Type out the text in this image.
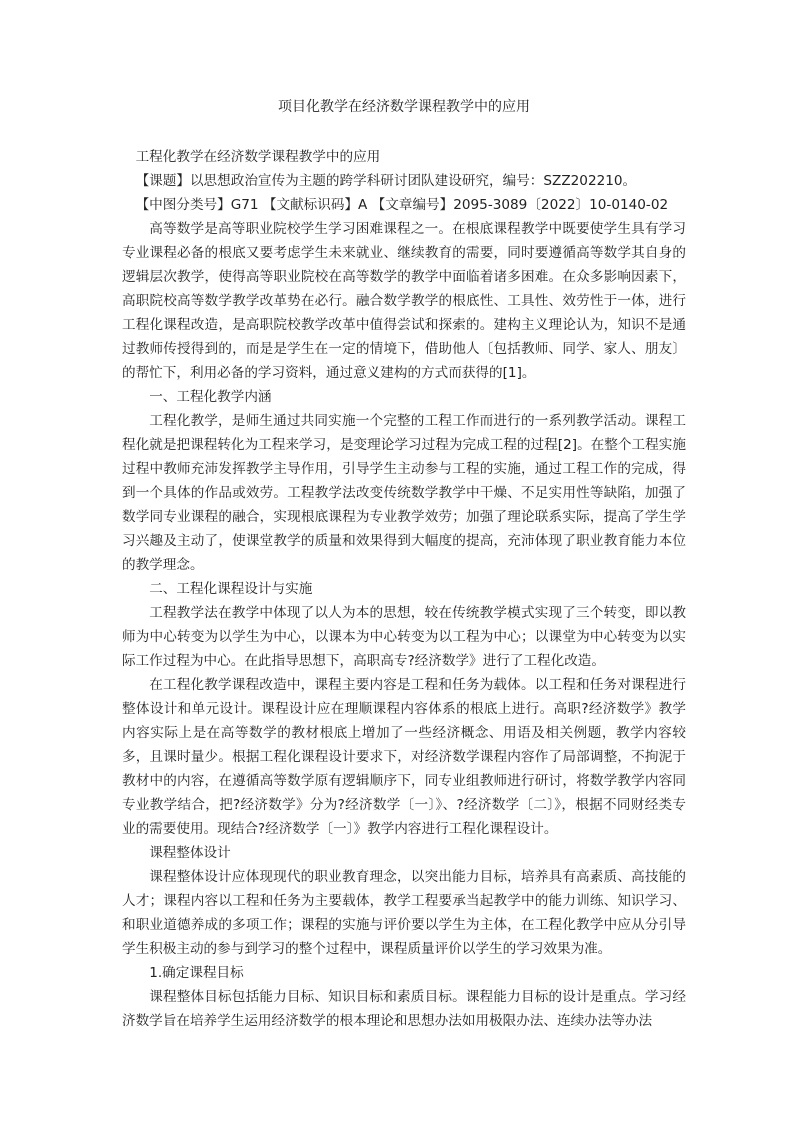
项目化教学在经济数学课程教学中的应用

工程化教学在经济数学课程教学中的应用

【课题】以思想政治宣传为主题的跨学科研讨团队建设研究，编号：SZZ202210。

【中图分类号】G71 【文献标识码】A 【文章编号】2095-3089〔2022〕10-0140-02

高等数学是高等职业院校学生学习困难课程之一。在根底课程教学中既要使学生具有学习专业课程必备的根底又要考虑学生未来就业、继续教育的需要，同时要遵循高等数学其自身的逻辑层次教学，使得高等职业院校在高等数学的教学中面临着诸多困难。在众多影响因素下，高职院校高等数学教学改革势在必行。融合数学教学的根底性、工具性、效劳性于一体，进行工程化课程改造，是高职院校教学改革中值得尝试和探索的。建构主义理论认为，知识不是通过教师传授得到的，而是是学生在一定的情境下，借助他人〔包括教师、同学、家人、朋友〕的帮忙下，利用必备的学习资料，通过意义建构的方式而获得的[1]。

一、工程化教学内涵

工程化教学，是师生通过共同实施一个完整的工程工作而进行的一系列教学活动。课程工程化就是把课程转化为工程来学习，是变理论学习过程为完成工程的过程[2]。在整个工程实施过程中教师充沛发挥教学主导作用，引导学生主动参与工程的实施，通过工程工作的完成，得到一个具体的作品或效劳。工程教学法改变传统数学教学中干燥、不足实用性等缺陷，加强了数学同专业课程的融合，实现根底课程为专业教学效劳；加强了理论联系实际，提高了学生学习兴趣及主动了，使课堂教学的质量和效果得到大幅度的提高，充沛体现了职业教育能力本位的教学理念。

二、工程化课程设计与实施

工程教学法在教学中体现了以人为本的思想，较在传统教学模式实现了三个转变，即以教师为中心转变为以学生为中心，以课本为中心转变为以工程为中心；以课堂为中心转变为以实际工作过程为中心。在此指导思想下，高职高专?经济数学》进行了工程化改造。

在工程化教学课程改造中，课程主要内容是工程和任务为载体。以工程和任务对课程进行整体设计和单元设计。课程设计应在理顺课程内容体系的根底上进行。高职?经济数学》教学内容实际上是在高等数学的教材根底上增加了一些经济概念、用语及相关例题，教学内容较多，且课时量少。根据工程化课程设计要求下，对经济数学课程内容作了局部调整，不拘泥于教材中的内容，在遵循高等数学原有逻辑顺序下，同专业组教师进行研讨，将数学教学内容同专业教学结合，把?经济数学》分为?经济数学〔一〕》、?经济数学〔二〕》，根据不同财经类专业的需要使用。现结合?经济数学〔一〕》教学内容进行工程化课程设计。

课程整体设计

课程整体设计应体现现代的职业教育理念，以突出能力目标，培养具有高素质、高技能的人才；课程内容以工程和任务为主要载体，教学工程要承当起教学中的能力训练、知识学习、和职业道德养成的多项工作；课程的实施与评价要以学生为主体，在工程化教学中应从分引导学生积极主动的参与到学习的整个过程中，课程质量评价以学生的学习效果为准。

1.确定课程目标

课程整体目标包括能力目标、知识目标和素质目标。课程能力目标的设计是重点。学习经济数学旨在培养学生运用经济数学的根本理论和思想办法如用极限办法、连续办法等办法
